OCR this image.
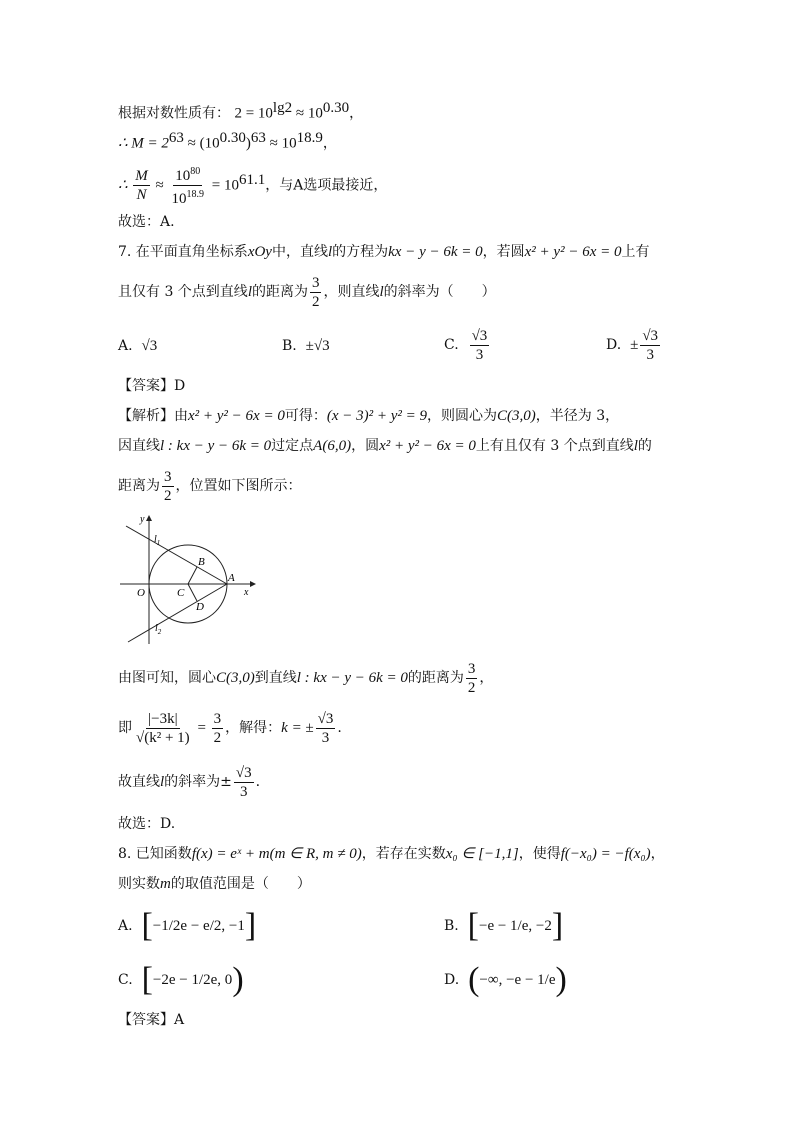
根据对数性质有： $2 = 10^{lg2} \approx 10^{0.30}$，
∴ $M = 2^{63} \approx (10^{0.30})^{63} \approx 10^{18.9}$，
∴ $\frac{M}{N} \approx \frac{10^{80}}{10^{18.9}} = 10^{61.1}$，与A选项最接近，
故选：A.
7. 在平面直角坐标系xOy中，直线l的方程为kx − y − 6k = 0，若圆x² + y² − 6x = 0上有
且仅有 3 个点到直线l的距离为 $\frac{3}{2}$ ，则直线l的斜率为（　　）
A. √3	B. ±√3	C. $\frac{√3}{3}$	D. ± $\frac{√3}{3}$
【答案】D
【解析】由x² + y² − 6x = 0可得：(x − 3)² + y² = 9，则圆心为C(3,0)，半径为 3，
因直线l : kx − y − 6k = 0过定点A(6,0)，圆x² + y² − 6x = 0上有且仅有 3 个点到直线l的
距离为 $\frac{3}{2}$ ，位置如下图所示：
y
x
$l_1$
$l_2$
O	C
A
B
D
由图可知，圆心C(3,0)到直线l : kx − y − 6k = 0的距离为 $\frac{3}{2}$ ，
即 $\frac{|-3k|}{\text{√(k² + 1)}} = \frac{3}{2}$ ，解得：k = ± $\frac{√3}{3}$ .
故直线l的斜率为± $\frac{√3}{3}$ .
故选：D.
8. 已知函数f(x) = eˣ + m(m ∈ R, m ≠ 0)，若存在实数x₀ ∈ [−1,1]，使得f(−x₀) = −f(x₀)，
则实数m的取值范围是（　　）
A. [−1/2e − e/2, −1]	B. [−e − 1/e, −2]
C. [−2e − 1/2e, 0)	D. (−∞, −e − 1/e)
【答案】A
